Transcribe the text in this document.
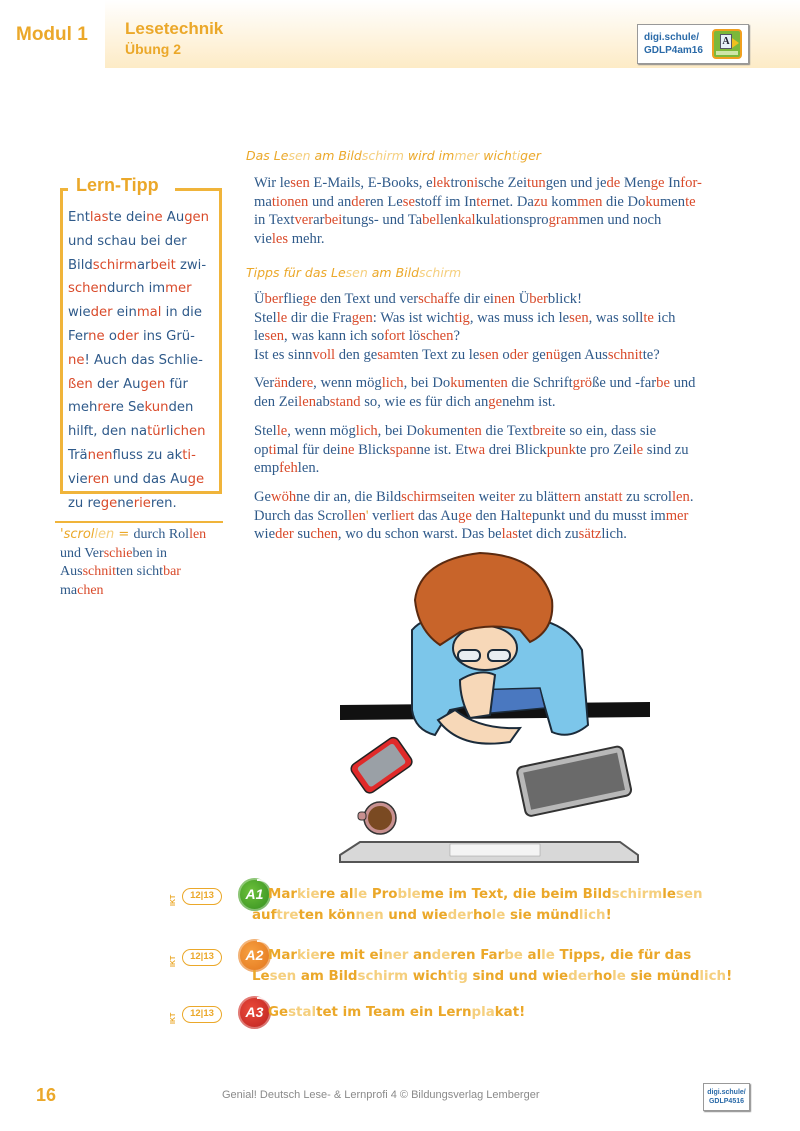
Modul 1 Lesetechnik
Übung 2
digi.schule/
GDLP4am16
A
Lern-Tipp
Entlaste deine Augen
und schau bei der
Bildschirmarbeit zwi-
schendurch immer
wieder einmal in die
Ferne oder ins Grü-
ne! Auch das Schlie-
ßen der Augen für
mehrere Sekunden
hilft, den natürlichen
Tränenfluss zu akti-
vieren und das Auge
zu regenerieren.
'scrollen = durch Rollen
und Verschieben in
Ausschnitten sichtbar
machen
Das Lesen am Bildschirm wird immer wichtiger
Wir lesen E-Mails, E-Books, elektronische Zeitungen und jede Menge Infor-
mationen und anderen Lesestoff im Internet. Dazu kommen die Dokumente
in Textverarbeitungs- und Tabellenkalkulationsprogrammen und noch
vieles mehr.
Tipps für das Lesen am Bildschirm
Überfliege den Text und verschaffe dir einen Überblick!
Stelle dir die Fragen: Was ist wichtig, was muss ich lesen, was sollte ich
lesen, was kann ich sofort löschen?
Ist es sinnvoll den gesamten Text zu lesen oder genügen Ausschnitte?
Verändere, wenn möglich, bei Dokumenten die Schriftgröße und -farbe und
den Zeilenabstand so, wie es für dich angenehm ist.
Stelle, wenn möglich, bei Dokumenten die Textbreite so ein, dass sie
optimal für deine Blickspanne ist. Etwa drei Blickpunkte pro Zeile sind zu
empfehlen.
Gewöhne dir an, die Bildschirmseiten weiter zu blättern anstatt zu scrollen.
Durch das Scrollen' verliert das Auge den Haltepunkt und du musst immer
wieder suchen, wo du schon warst. Das belastet dich zusätzlich.
IKT	12|13	A1 Markiere alle Probleme im Text, die beim Bildschirmlesen
auftreten können und wiederhole sie mündlich!
IKT	12|13	A2 Markiere mit einer anderen Farbe alle Tipps, die für das
Lesen am Bildschirm wichtig sind und wiederhole sie mündlich!
IKT	12|13	A3 Gestaltet im Team ein Lernplakat!
16	Genial! Deutsch Lese- & Lernprofi 4 © Bildungsverlag Lemberger	digi.schule/
GDLP4516
